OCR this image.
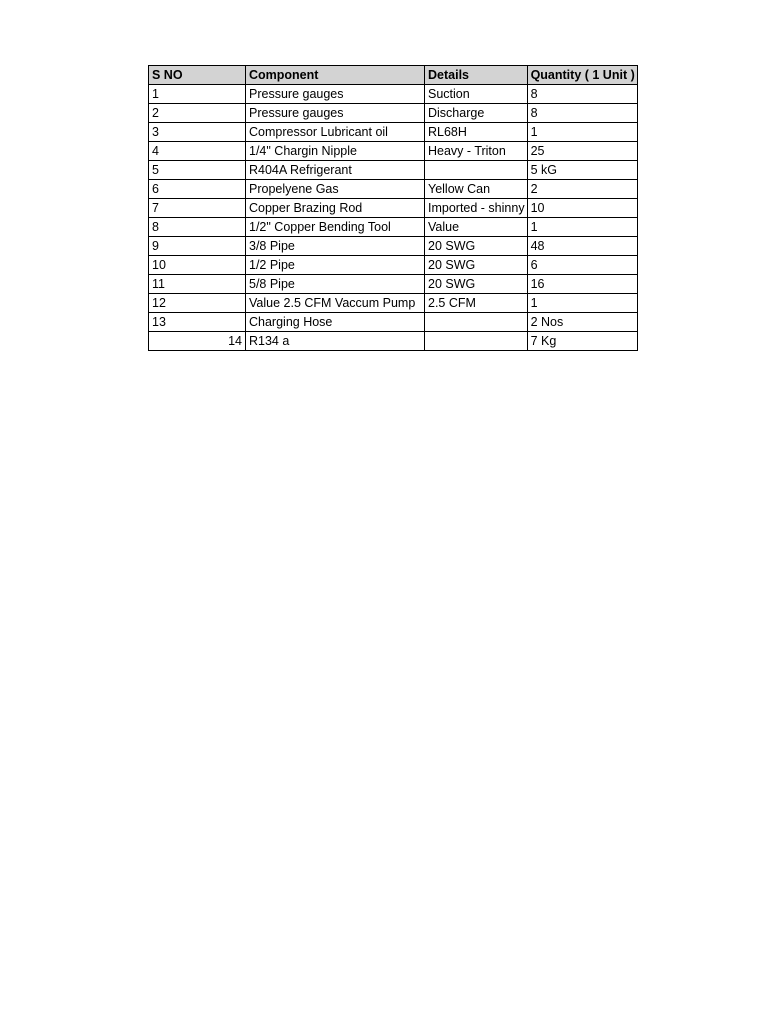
S NO	Component	Details	Quantity ( 1 Unit )
1	Pressure gauges	Suction	8
2	Pressure gauges	Discharge	8
3	Compressor Lubricant oil	RL68H	1
4	1/4" Chargin Nipple	Heavy - Triton	25
5	R404A Refrigerant		5 kG
6	Propelyene Gas	Yellow Can	2
7	Copper Brazing Rod	Imported - shinny	10
8	1/2" Copper Bending Tool	Value	1
9	3/8 Pipe	20 SWG	48
10	1/2 Pipe	20 SWG	6
11	5/8 Pipe	20 SWG	16
12	Value 2.5 CFM Vaccum Pump	2.5 CFM	1
13	Charging Hose		2 Nos
14	R134 a		7 Kg
